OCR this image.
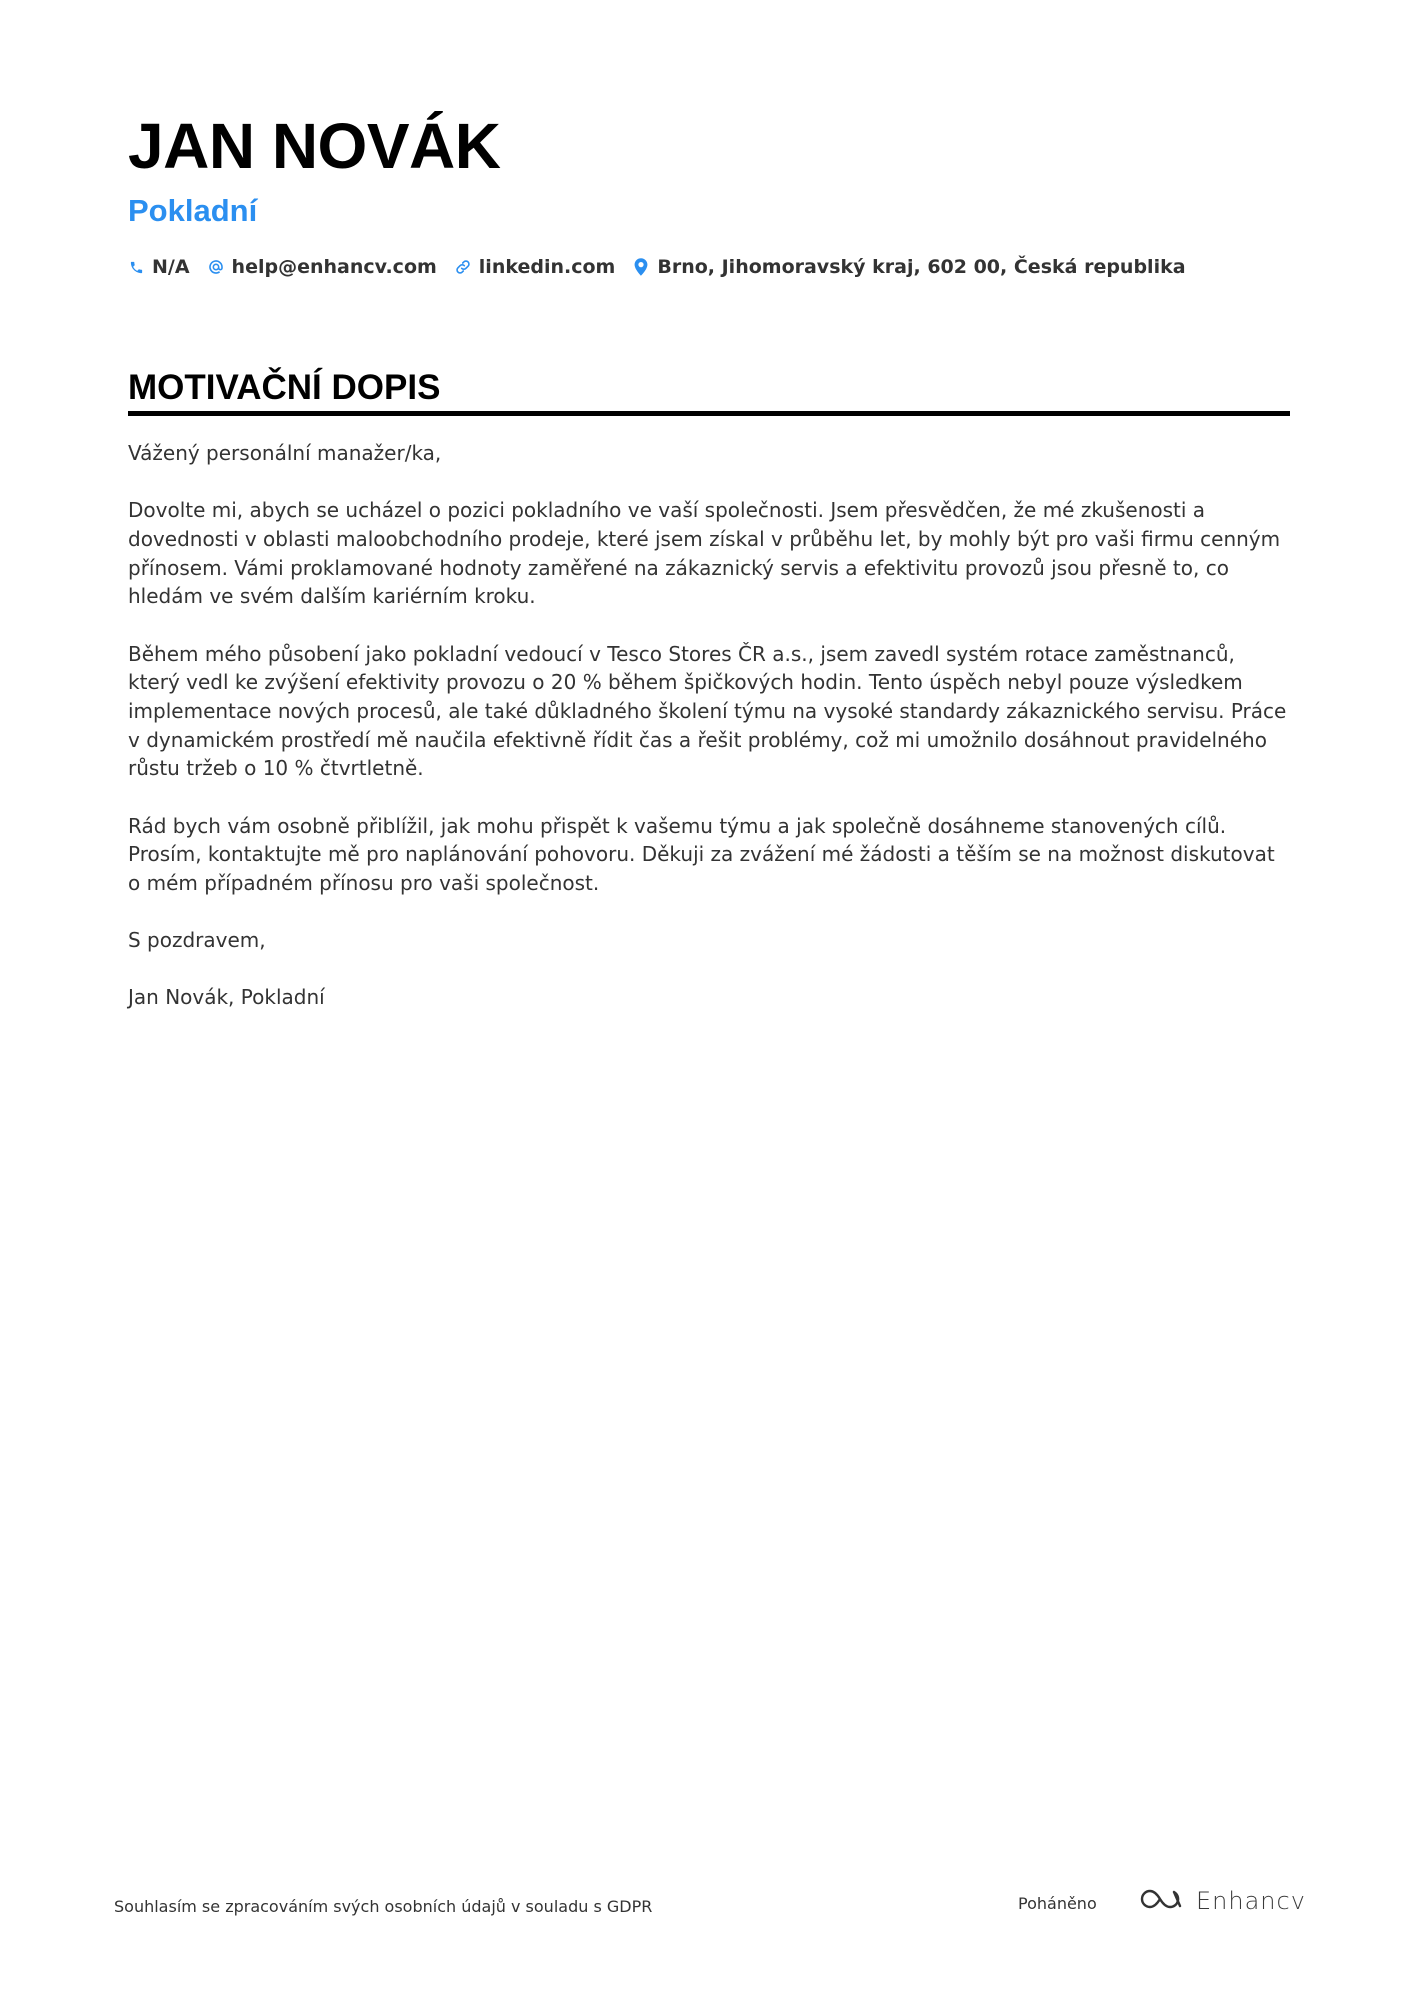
JAN NOVÁK
Pokladní
N/A help@enhancv.com linkedin.com Brno, Jihomoravský kraj, 602 00, Česká republika
MOTIVAČNÍ DOPIS

Vážený personální manažer/ka,

Dovolte mi, abych se ucházel o pozici pokladního ve vaší společnosti. Jsem přesvědčen, že mé zkušenosti a dovednosti v oblasti maloobchodního prodeje, které jsem získal v průběhu let, by mohly být pro vaši firmu cenným přínosem. Vámi proklamované hodnoty zaměřené na zákaznický servis a efektivitu provozů jsou přesně to, co hledám ve svém dalším kariérním kroku.

Během mého působení jako pokladní vedoucí v Tesco Stores ČR a.s., jsem zavedl systém rotace zaměstnanců, který vedl ke zvýšení efektivity provozu o 20 % během špičkových hodin. Tento úspěch nebyl pouze výsledkem implementace nových procesů, ale také důkladného školení týmu na vysoké standardy zákaznického servisu. Práce v dynamickém prostředí mě naučila efektivně řídit čas a řešit problémy, což mi umožnilo dosáhnout pravidelného růstu tržeb o 10 % čtvrtletně.

Rád bych vám osobně přiblížil, jak mohu přispět k vašemu týmu a jak společně dosáhneme stanovených cílů. Prosím, kontaktujte mě pro naplánování pohovoru. Děkuji za zvážení mé žádosti a těším se na možnost diskutovat o mém případném přínosu pro vaši společnost.

S pozdravem,

Jan Novák, Pokladní

Souhlasím se zpracováním svých osobních údajů v souladu s GDPR	Poháněno	Enhancv
